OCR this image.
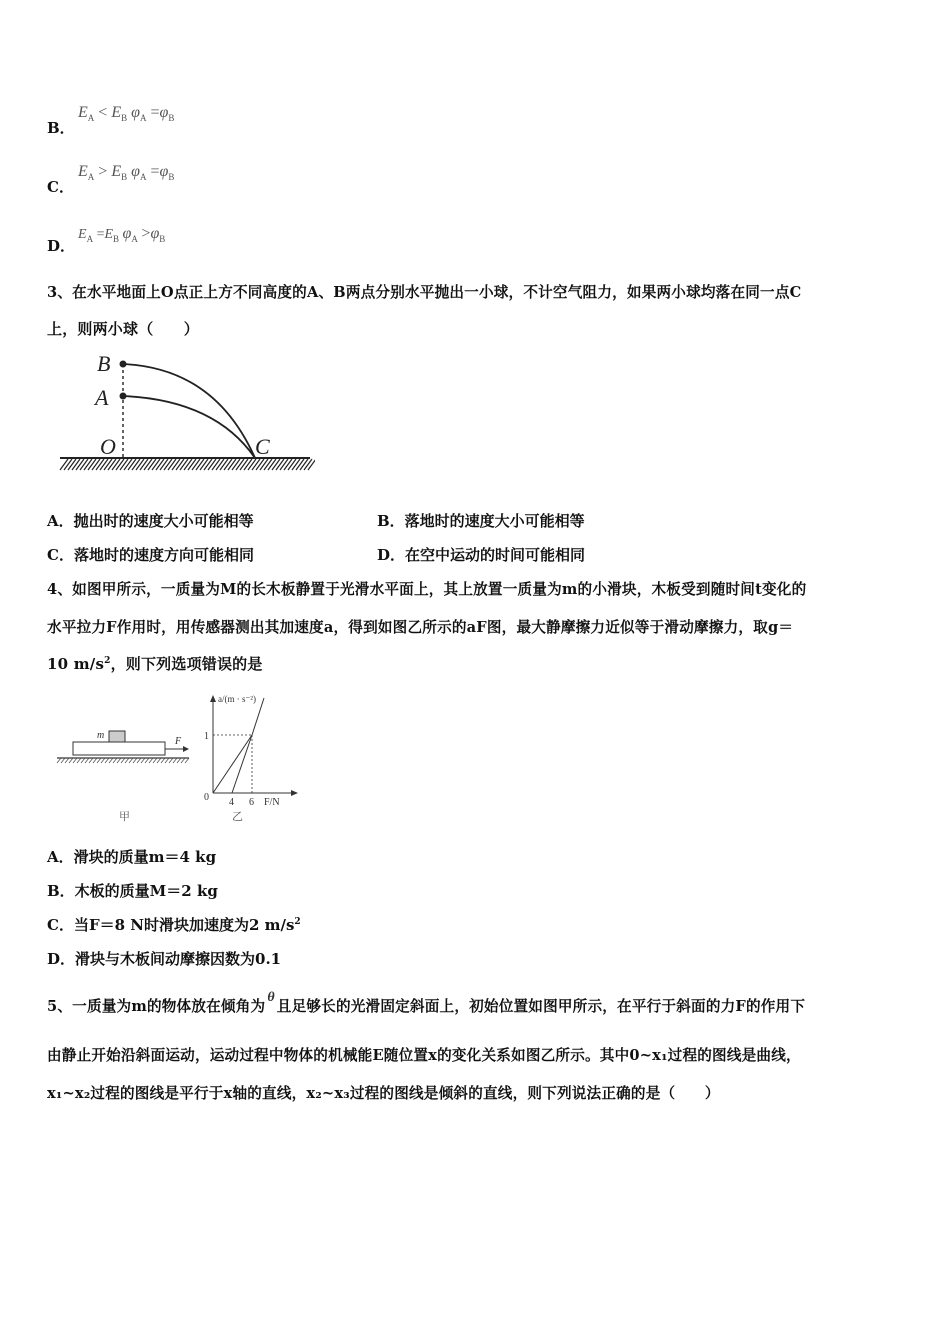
B．
$E_A < E_B$ $\varphi_A =\varphi_B$
C．
$E_A > E_B$ $\varphi_A =\varphi_B$
D．
$E_A =E_B$ $\varphi_A >\varphi_B$
3、在水平地面上O点正上方不同高度的A、B两点分别水平抛出一小球，不计空气阻力，如果两小球均落在同一点C
上，则两小球（　　）
B
A
O	C
A．抛出时的速度大小可能相等	B．落地时的速度大小可能相等
C．落地时的速度方向可能相同	D．在空中运动的时间可能相同
4、如图甲所示，一质量为M的长木板静置于光滑水平面上，其上放置一质量为m的小滑块，木板受到随时间t变化的
水平拉力F作用时，用传感器测出其加速度a，得到如图乙所示的aF图，最大静摩擦力近似等于滑动摩擦力，取g＝
10 $m/s^2$，则下列选项错误的是
m
F
甲
a/(m · s⁻²)
1
0 4 6 F/N
乙
A．滑块的质量m＝4 kg
B．木板的质量M＝2 kg
C．当F＝8 N时滑块加速度为2 $m/s^2$
D．滑块与木板间动摩擦因数为0.1
5、一质量为m的物体放在倾角为θ且足够长的光滑固定斜面上，初始位置如图甲所示，在平行于斜面的力F的作用下
由静止开始沿斜面运动，运动过程中物体的机械能E随位置x的变化关系如图乙所示。其中0~x₁过程的图线是曲线，
x₁~x₂过程的图线是平行于x轴的直线，x₂~x₃过程的图线是倾斜的直线，则下列说法正确的是（　　）
